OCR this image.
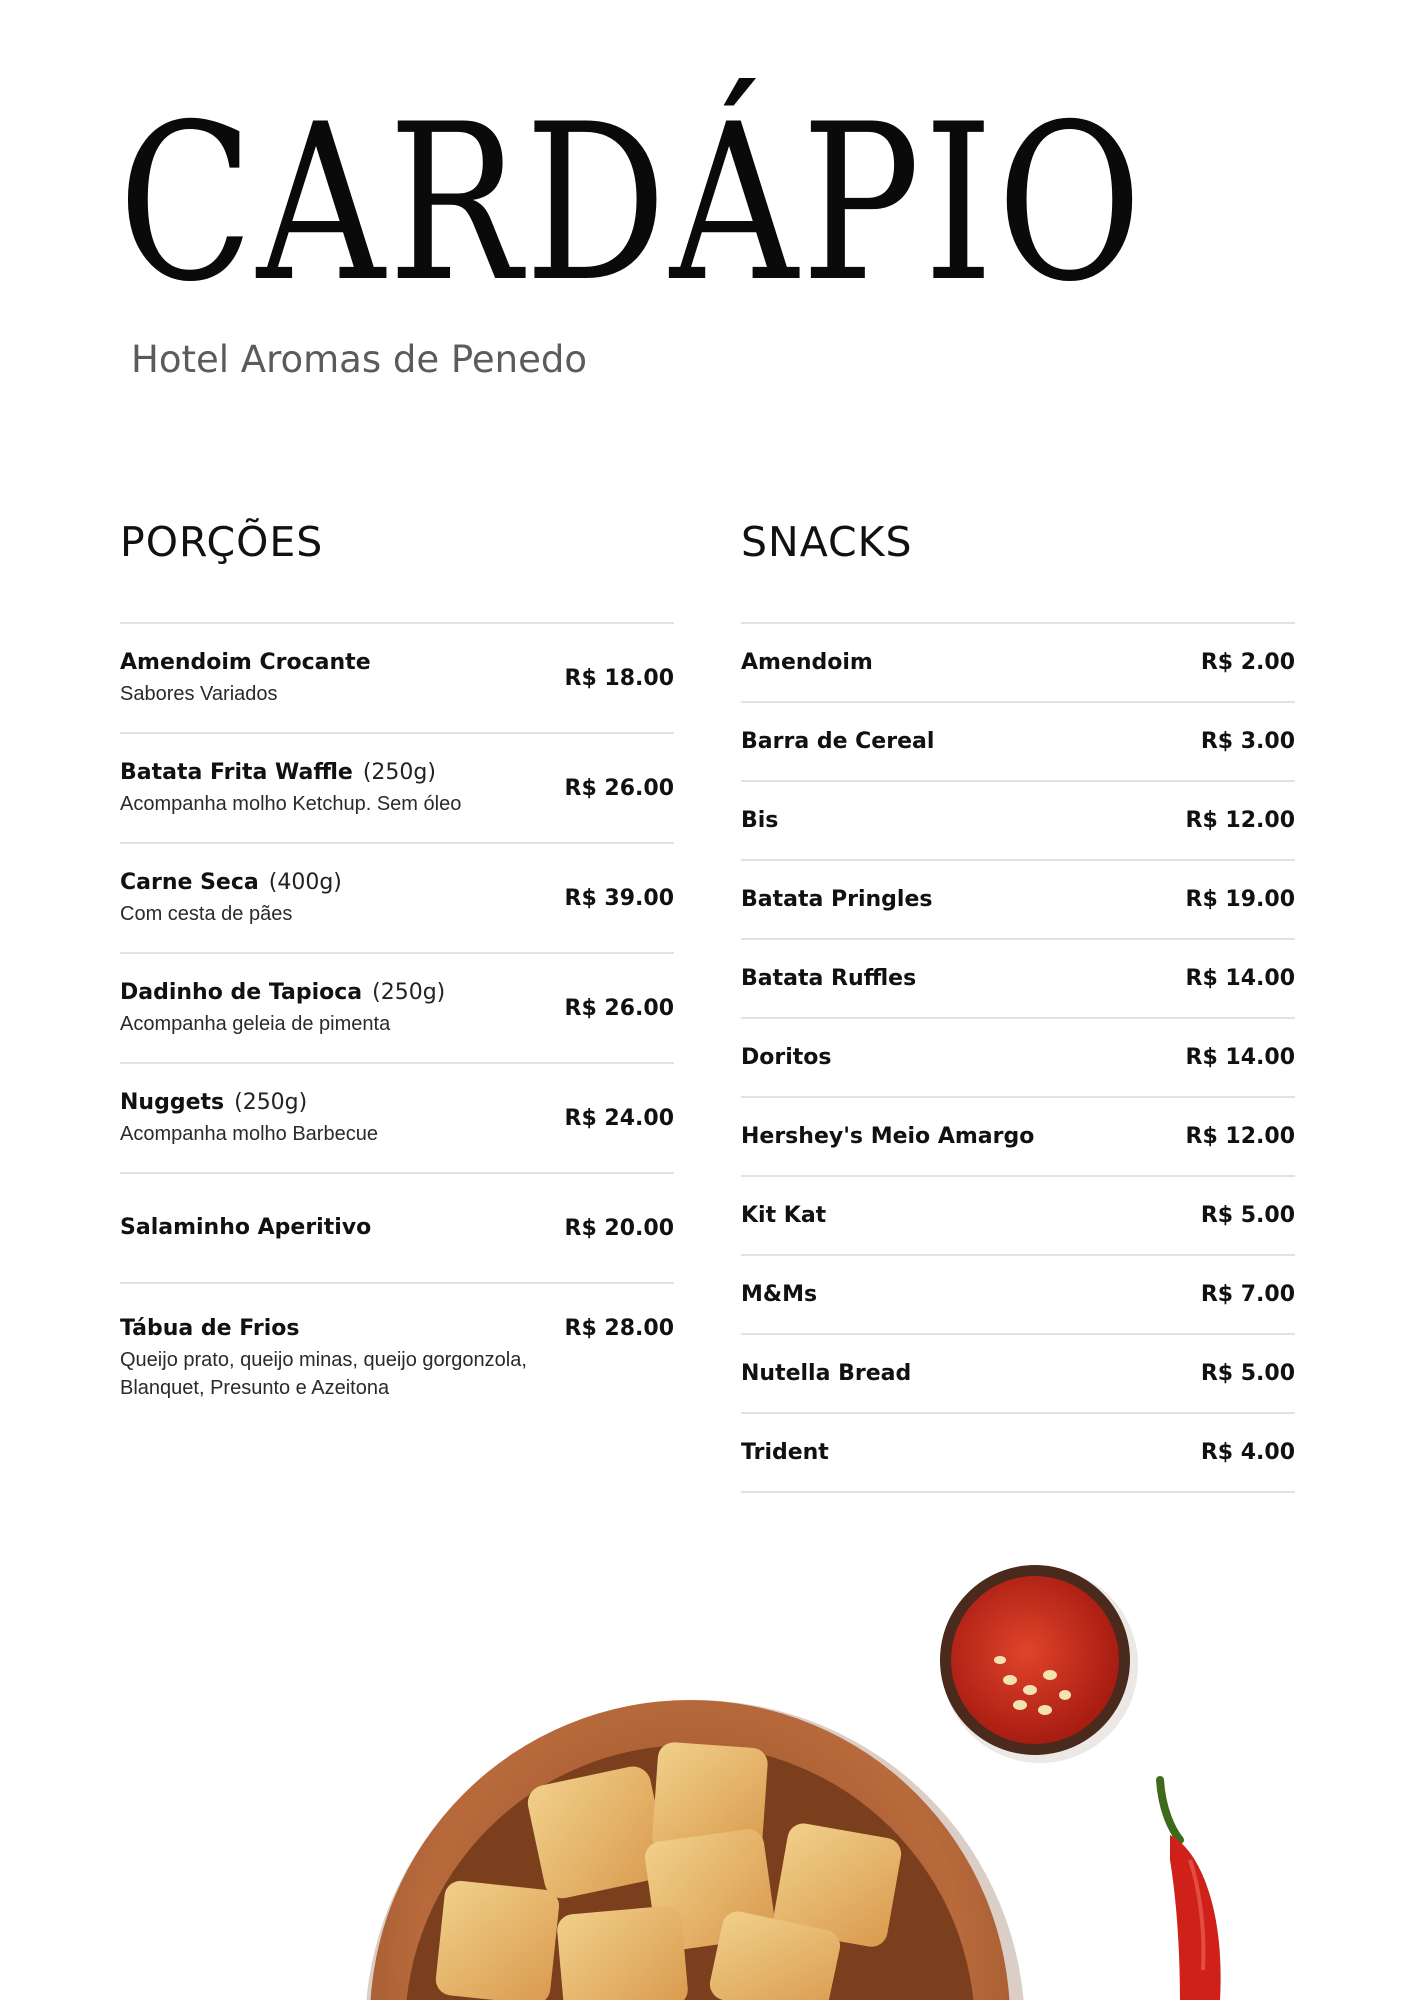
CARDÁPIO
Hotel Aromas de Penedo
PORÇÕES	SNACKS
Amendoim Crocante
Sabores Variados
R$ 18.00
Batata Frita Waffle (250g)
Acompanha molho Ketchup. Sem óleo
R$ 26.00
Carne Seca (400g)
Com cesta de pães
R$ 39.00
Dadinho de Tapioca (250g)
Acompanha geleia de pimenta
R$ 26.00
Nuggets (250g)
Acompanha molho Barbecue
R$ 24.00
Salaminho Aperitivo	R$ 20.00
Tábua de Frios
Queijo prato, queijo minas, queijo gorgonzola, Blanquet, Presunto e Azeitona
R$ 28.00
Amendoim	R$ 2.00
Barra de Cereal	R$ 3.00
Bis	R$ 12.00
Batata Pringles	R$ 19.00
Batata Ruffles	R$ 14.00
Doritos	R$ 14.00
Hershey's Meio Amargo	R$ 12.00
Kit Kat	R$ 5.00
M&Ms	R$ 7.00
Nutella Bread	R$ 5.00
Trident	R$ 4.00
